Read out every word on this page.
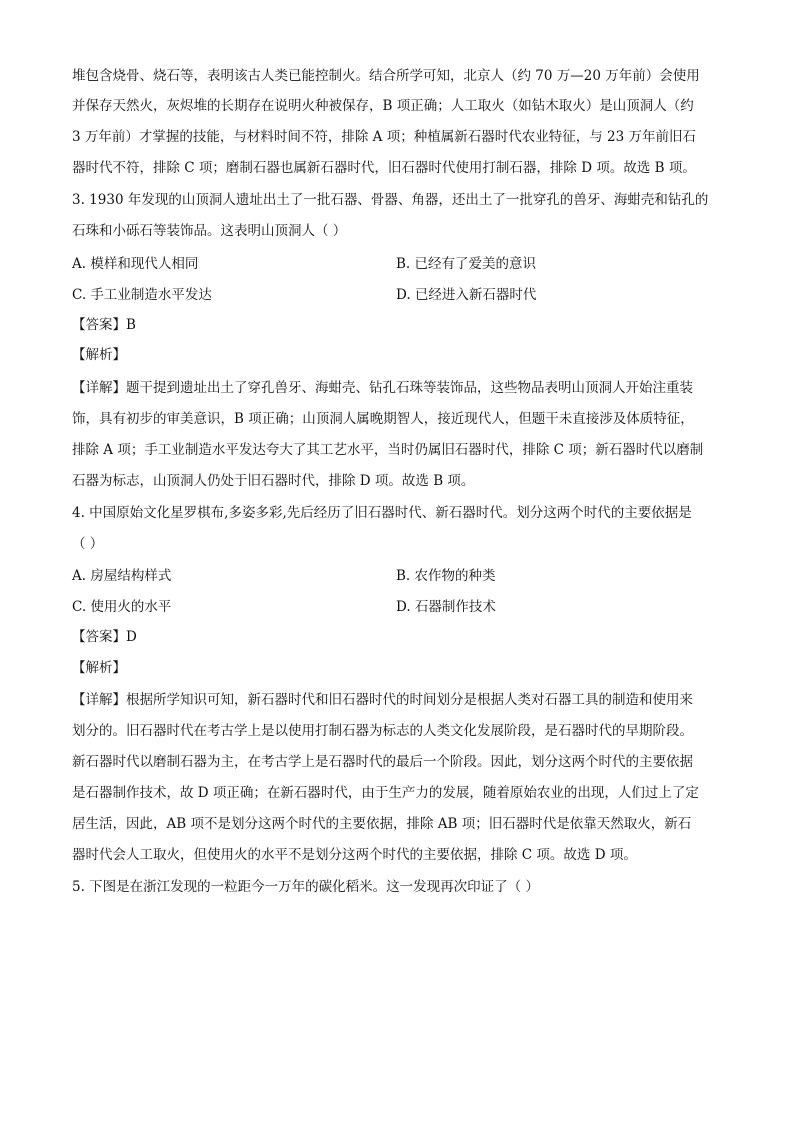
堆包含烧骨、烧石等，表明该古人类已能控制火。结合所学可知，北京人（约 70 万—20 万年前）会使用
并保存天然火，灰烬堆的长期存在说明火种被保存，B 项正确；人工取火（如钻木取火）是山顶洞人（约
3 万年前）才掌握的技能，与材料时间不符，排除 A 项；种植属新石器时代农业特征，与 23 万年前旧石
器时代不符，排除 C 项；磨制石器也属新石器时代，旧石器时代使用打制石器，排除 D 项。故选 B 项。
3. 1930 年发现的山顶洞人遗址出土了一批石器、骨器、角器，还出土了一批穿孔的兽牙、海蚶壳和钻孔的
石珠和小砾石等装饰品。这表明山顶洞人（ ）
A. 模样和现代人相同	B. 已经有了爱美的意识
C. 手工业制造水平发达	D. 已经进入新石器时代
【答案】B
【解析】
【详解】题干提到遗址出土了穿孔兽牙、海蚶壳、钻孔石珠等装饰品，这些物品表明山顶洞人开始注重装
饰，具有初步的审美意识，B 项正确；山顶洞人属晚期智人，接近现代人，但题干未直接涉及体质特征，
排除 A 项；手工业制造水平发达夸大了其工艺水平，当时仍属旧石器时代，排除 C 项；新石器时代以磨制
石器为标志，山顶洞人仍处于旧石器时代，排除 D 项。故选 B 项。
4. 中国原始文化星罗棋布,多姿多彩,先后经历了旧石器时代、新石器时代。划分这两个时代的主要依据是
（ ）
A. 房屋结构样式	B. 农作物的种类
C. 使用火的水平	D. 石器制作技术
【答案】D
【解析】
【详解】根据所学知识可知，新石器时代和旧石器时代的时间划分是根据人类对石器工具的制造和使用来
划分的。旧石器时代在考古学上是以使用打制石器为标志的人类文化发展阶段，是石器时代的早期阶段。
新石器时代以磨制石器为主，在考古学上是石器时代的最后一个阶段。因此，划分这两个时代的主要依据
是石器制作技术，故 D 项正确；在新石器时代，由于生产力的发展，随着原始农业的出现，人们过上了定
居生活，因此，AB 项不是划分这两个时代的主要依据，排除 AB 项；旧石器时代是依靠天然取火，新石
器时代会人工取火，但使用火的水平不是划分这两个时代的主要依据，排除 C 项。故选 D 项。
5. 下图是在浙江发现的一粒距今一万年的碳化稻米。这一发现再次印证了（ ）
